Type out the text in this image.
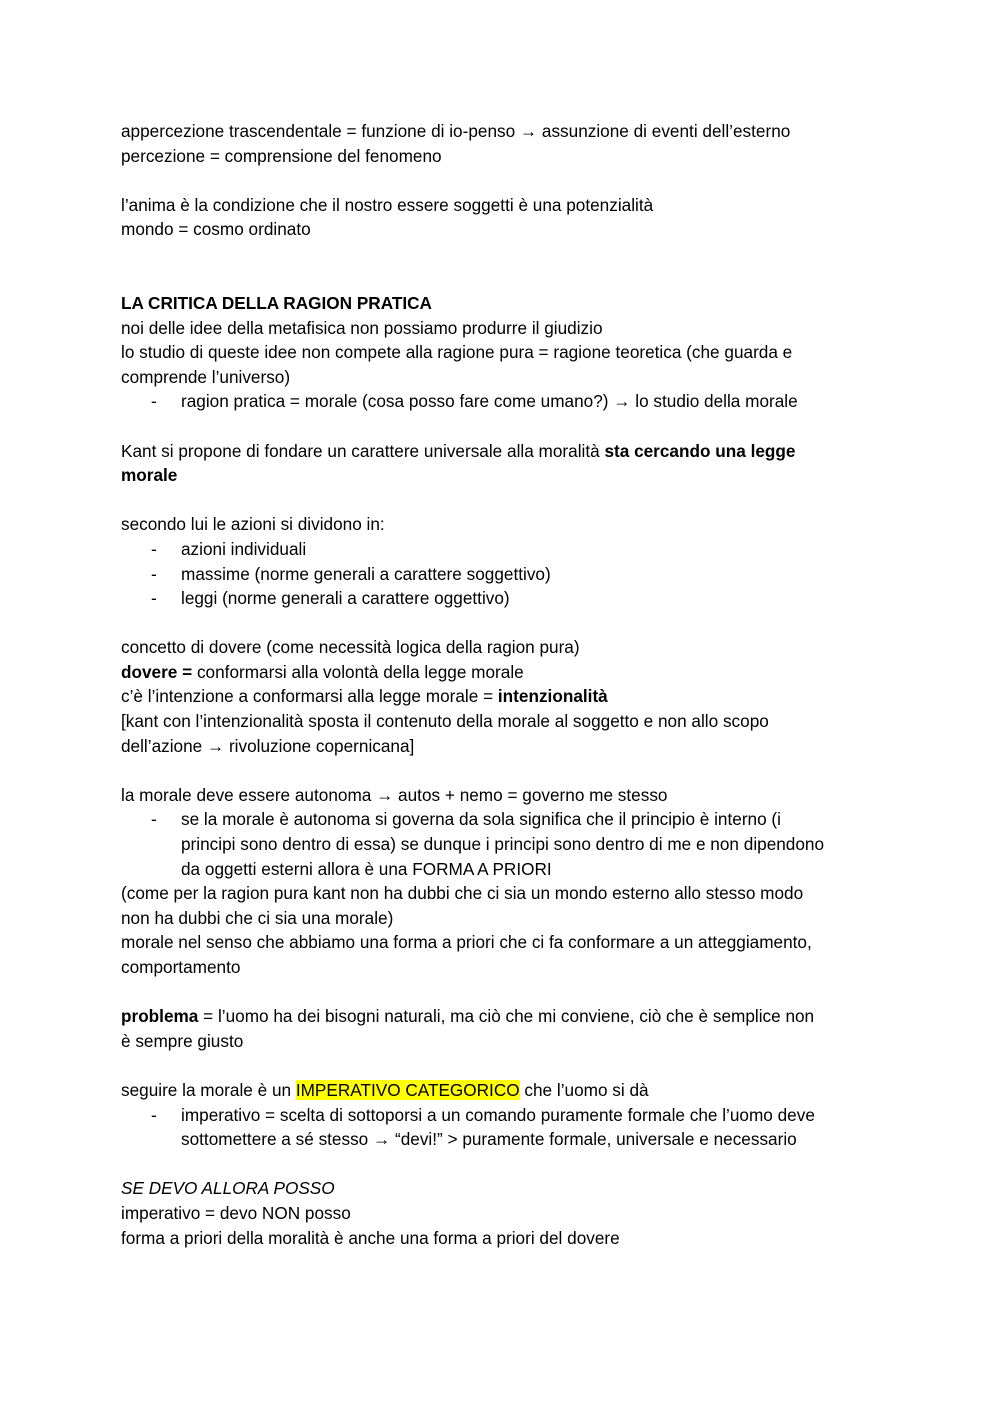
appercezione trascendentale = funzione di io-penso → assunzione di eventi dell’esterno
percezione = comprensione del fenomeno
l’anima è la condizione che il nostro essere soggetti è una potenzialità
mondo = cosmo ordinato
LA CRITICA DELLA RAGION PRATICA
noi delle idee della metafisica non possiamo produrre il giudizio
lo studio di queste idee non compete alla ragione pura = ragione teoretica (che guarda e
comprende l’universo)
- ragion pratica = morale (cosa posso fare come umano?) → lo studio della morale
Kant si propone di fondare un carattere universale alla moralità sta cercando una legge
morale
secondo lui le azioni si dividono in:
- azioni individuali
- massime (norme generali a carattere soggettivo)
- leggi (norme generali a carattere oggettivo)
concetto di dovere (come necessità logica della ragion pura)
dovere = conformarsi alla volontà della legge morale
c’è l’intenzione a conformarsi alla legge morale = intenzionalità
[kant con l’intenzionalità sposta il contenuto della morale al soggetto e non allo scopo
dell’azione → rivoluzione copernicana]
la morale deve essere autonoma → autos + nemo = governo me stesso
- se la morale è autonoma si governa da sola significa che il principio è interno (i
principi sono dentro di essa) se dunque i principi sono dentro di me e non dipendono
da oggetti esterni allora è una FORMA A PRIORI
(come per la ragion pura kant non ha dubbi che ci sia un mondo esterno allo stesso modo
non ha dubbi che ci sia una morale)
morale nel senso che abbiamo una forma a priori che ci fa conformare a un atteggiamento,
comportamento
problema = l’uomo ha dei bisogni naturali, ma ciò che mi conviene, ciò che è semplice non
è sempre giusto
seguire la morale è un IMPERATIVO CATEGORICO che l’uomo si dà
- imperativo = scelta di sottoporsi a un comando puramente formale che l’uomo deve
sottomettere a sé stesso → “devi!” > puramente formale, universale e necessario
SE DEVO ALLORA POSSO
imperativo = devo NON posso
forma a priori della moralità è anche una forma a priori del dovere
